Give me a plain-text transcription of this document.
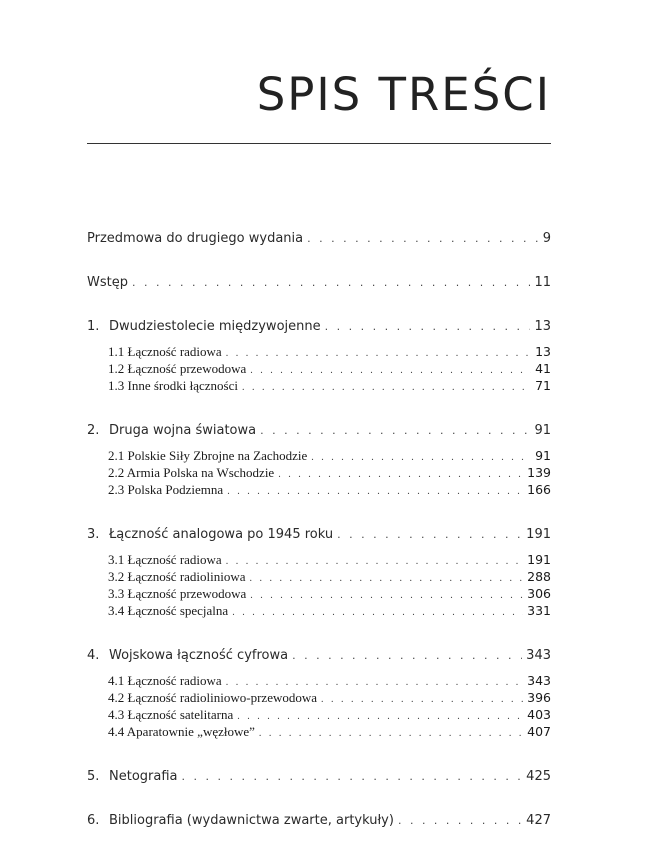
SPIS TREŚCI
Przedmowa do drugiego wydania . . .	9
Wstęp . . .	11
1. Dwudziestolecie międzywojenne . . .	13
1.1 Łączność radiowa . . .	13
1.2 Łączność przewodowa . . .	41
1.3 Inne środki łączności . . .	71
2. Druga wojna światowa . . .	91
2.1 Polskie Siły Zbrojne na Zachodzie . . .	91
2.2 Armia Polska na Wschodzie . . .	139
2.3 Polska Podziemna . . .	166
3. Łączność analogowa po 1945 roku . . .	191
3.1 Łączność radiowa . . .	191
3.2 Łączność radioliniowa . . .	288
3.3 Łączność przewodowa . . .	306
3.4 Łączność specjalna . . .	331
4. Wojskowa łączność cyfrowa . . .	343
4.1 Łączność radiowa . . .	343
4.2 Łączność radioliniowo-przewodowa . . .	396
4.3 Łączność satelitarna . . .	403
4.4 Aparatownie „węzłowe” . . .	407
5. Netografia . . .	425
6. Bibliografia (wydawnictwa zwarte, artykuły) . . .	427
